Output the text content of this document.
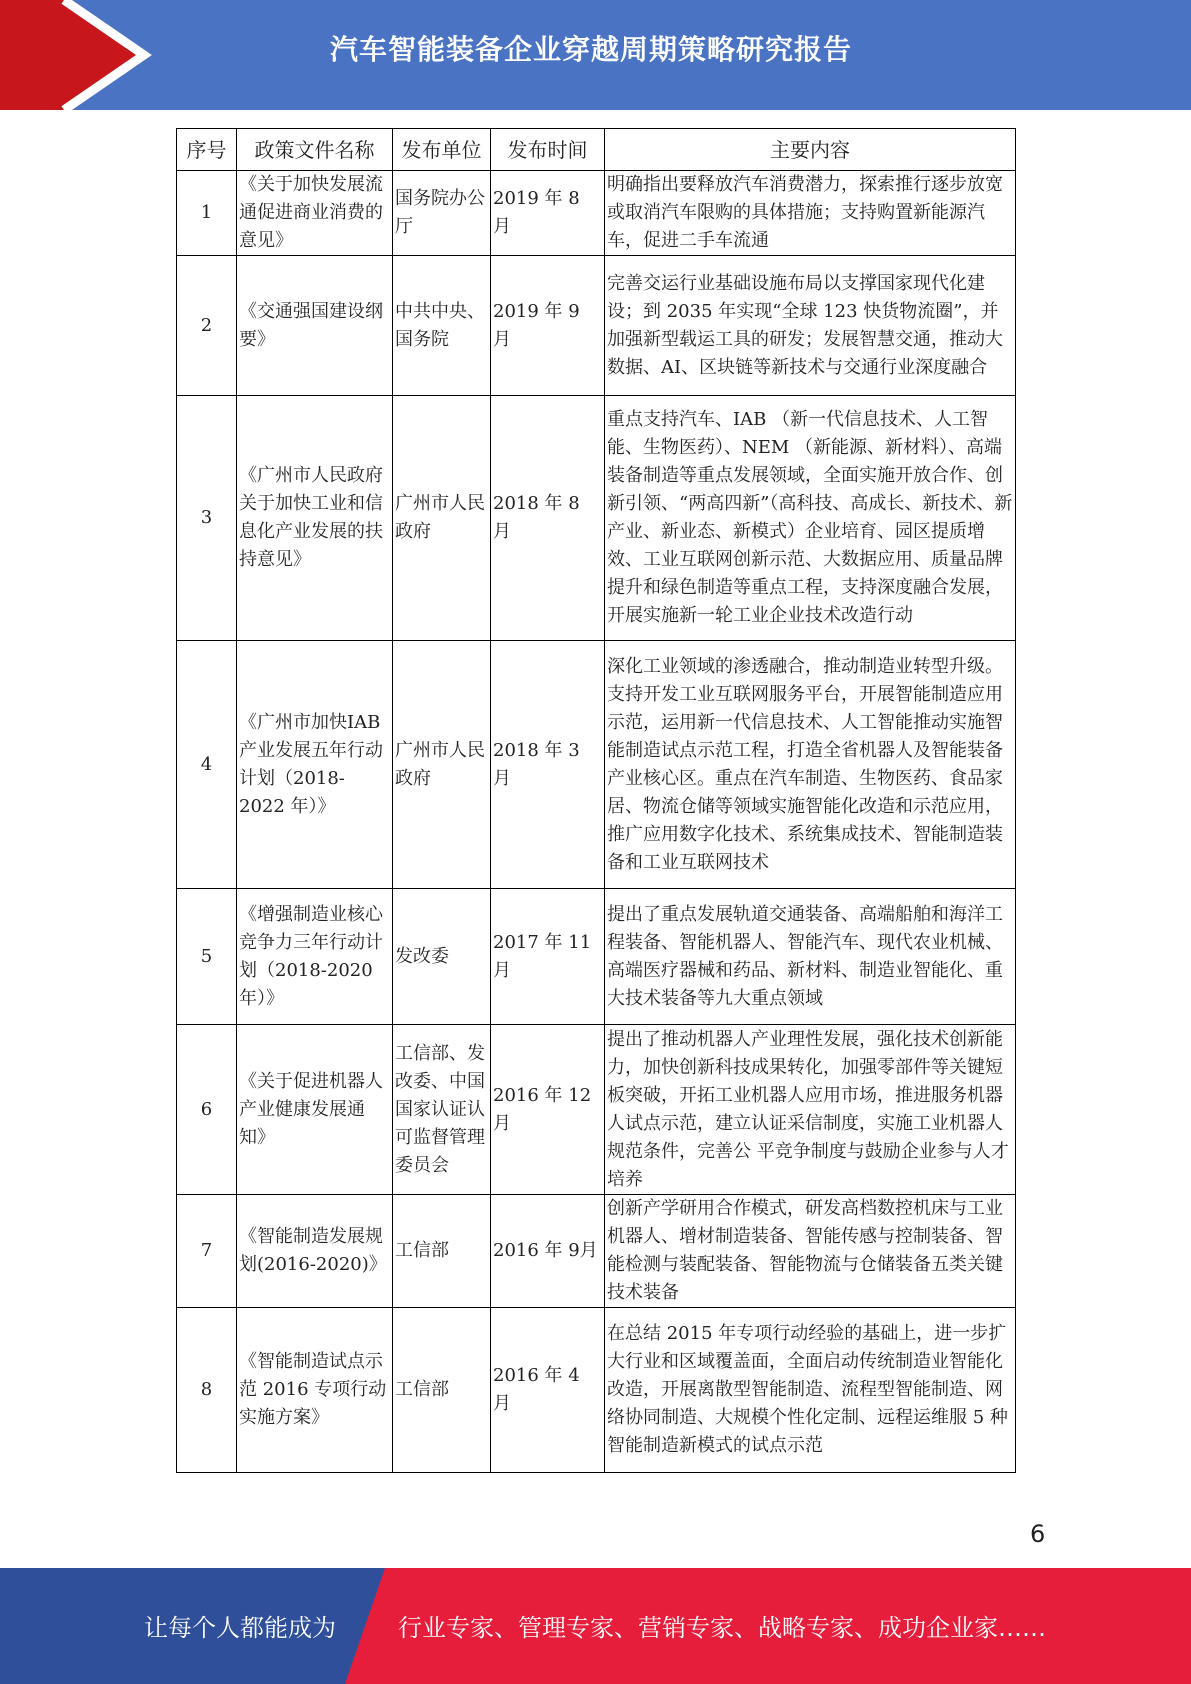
汽车智能装备企业穿越周期策略研究报告
序号	政策文件名称	发布单位	发布时间	主要内容
1	《关于加快发展流通促进商业消费的意见》	国务院办公厅	2019 年 8 月	明确指出要释放汽车消费潜力，探索推行逐步放宽或取消汽车限购的具体措施；支持购置新能源汽车，促进二手车流通
2	《交通强国建设纲要》	中共中央、国务院	2019 年 9 月	完善交运行业基础设施布局以支撑国家现代化建设；到 2035 年实现“全球 123 快货物流圈”，并加强新型载运工具的研发；发展智慧交通，推动大数据、AI、区块链等新技术与交通行业深度融合
3	《广州市人民政府关于加快工业和信息化产业发展的扶持意见》	广州市人民政府	2018 年 8 月	重点支持汽车、IAB （新一代信息技术、人工智能、生物医药）、NEM （新能源、新材料）、高端装备制造等重点发展领域，全面实施开放合作、创新引领、“两高四新”（高科技、高成长、新技术、新产业、新业态、新模式）企业培育、园区提质增效、工业互联网创新示范、大数据应用、质量品牌提升和绿色制造等重点工程，支持深度融合发展，开展实施新一轮工业企业技术改造行动
4	《广州市加快IAB 产业发展五年行动计划（2018-2022 年）》	广州市人民政府	2018 年 3 月	深化工业领域的渗透融合，推动制造业转型升级。支持开发工业互联网服务平台，开展智能制造应用示范，运用新一代信息技术、人工智能推动实施智能制造试点示范工程，打造全省机器人及智能装备产业核心区。重点在汽车制造、生物医药、食品家居、物流仓储等领域实施智能化改造和示范应用，推广应用数字化技术、系统集成技术、智能制造装备和工业互联网技术
5	《增强制造业核心竞争力三年行动计划（2018-2020 年）》	发改委	2017 年 11 月	提出了重点发展轨道交通装备、高端船舶和海洋工程装备、智能机器人、智能汽车、现代农业机械、高端医疗器械和药品、新材料、制造业智能化、重大技术装备等九大重点领域
6	《关于促进机器人产业健康发展通知》	工信部、发改委、中国国家认证认可监督管理委员会	2016 年 12 月	提出了推动机器人产业理性发展，强化技术创新能力，加快创新科技成果转化，加强零部件等关键短板突破，开拓工业机器人应用市场，推进服务机器人试点示范，建立认证采信制度，实施工业机器人规范条件，完善公 平竞争制度与鼓励企业参与人才培养
7	《智能制造发展规划(2016-2020)》	工信部	2016 年 9月	创新产学研用合作模式，研发高档数控机床与工业机器人、增材制造装备、智能传感与控制装备、智能检测与装配装备、智能物流与仓储装备五类关键技术装备
8	《智能制造试点示范 2016 专项行动实施方案》	工信部	2016 年 4 月	在总结 2015 年专项行动经验的基础上，进一步扩大行业和区域覆盖面，全面启动传统制造业智能化改造，开展离散型智能制造、流程型智能制造、网络协同制造、大规模个性化定制、远程运维服 5 种智能制造新模式的试点示范
6
让每个人都能成为	行业专家、管理专家、营销专家、战略专家、成功企业家……
